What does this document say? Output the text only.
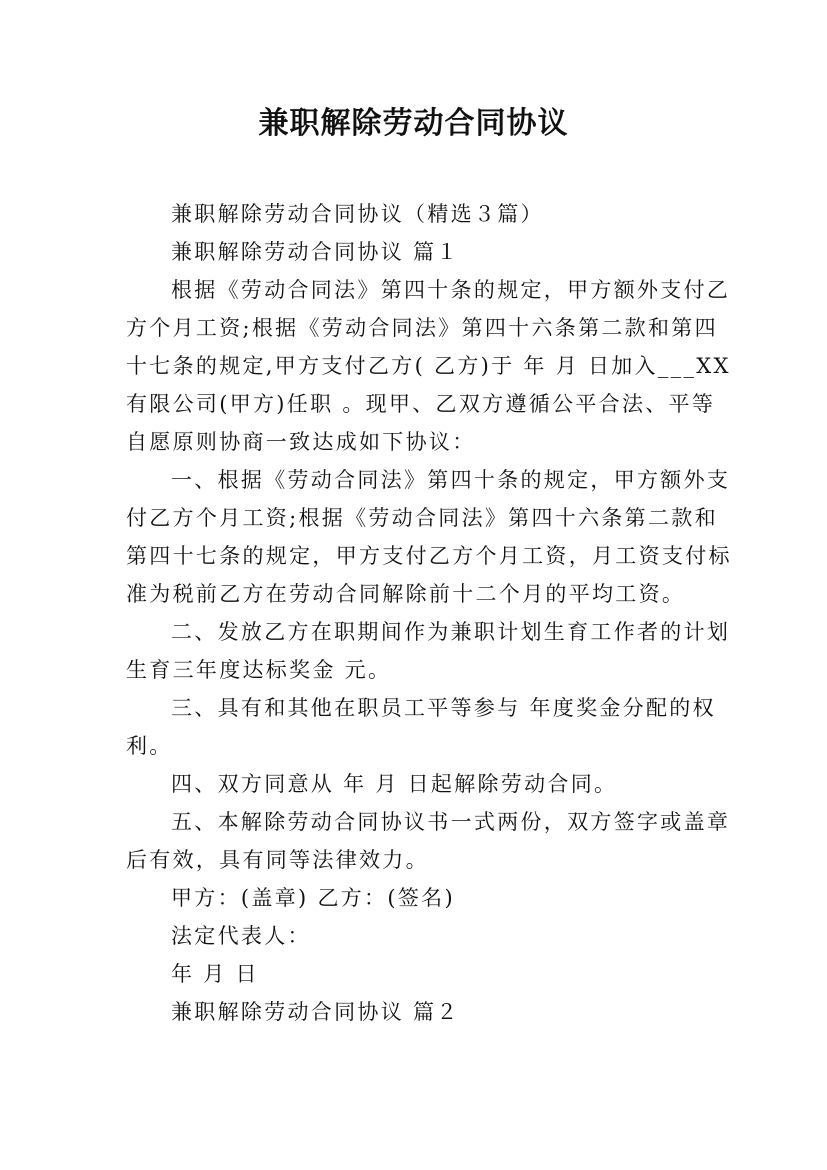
兼职解除劳动合同协议
兼职解除劳动合同协议（精选３篇）
兼职解除劳动合同协议 篇１
根据《劳动合同法》第四十条的规定，甲方额外支付乙
方个月工资;根据《劳动合同法》第四十六条第二款和第四
十七条的规定,甲方支付乙方( 乙方)于 年 月 日加入___XX
有限公司(甲方)任职 。现甲、乙双方遵循公平合法、平等
自愿原则协商一致达成如下协议：
一、根据《劳动合同法》第四十条的规定，甲方额外支
付乙方个月工资;根据《劳动合同法》第四十六条第二款和
第四十七条的规定，甲方支付乙方个月工资，月工资支付标
准为税前乙方在劳动合同解除前十二个月的平均工资。
二、发放乙方在职期间作为兼职计划生育工作者的计划
生育三年度达标奖金 元。
三、具有和其他在职员工平等参与 年度奖金分配的权
利。
四、双方同意从 年 月 日起解除劳动合同。
五、本解除劳动合同协议书一式两份，双方签字或盖章
后有效，具有同等法律效力。
甲方：(盖章) 乙方：(签名)
法定代表人：
年 月 日
兼职解除劳动合同协议 篇２
